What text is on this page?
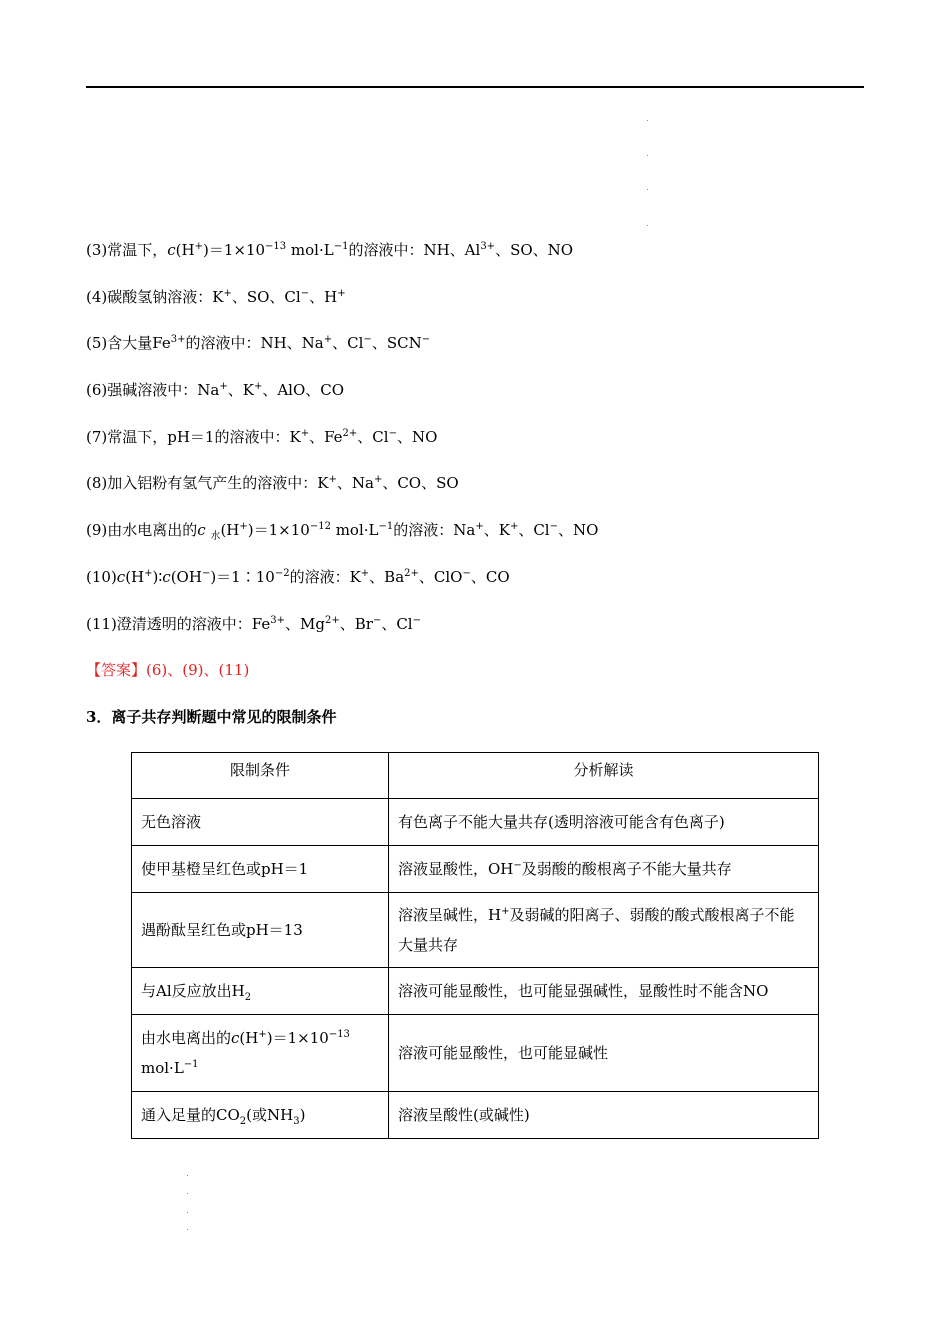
(3)常温下，$c(H^+)=1\times 10^{-13}$ $mol\cdot L^{-1}$的溶液中：NH、$Al^{3+}$、SO、NO
(4)碳酸氢钠溶液：K+、SO、Cl−、H+
(5)含大量$Fe^{3+}$的溶液中：NH、Na+、Cl−、SCN−
(6)强碱溶液中：Na+、K+、AlO、CO
(7)常温下，pH＝1的溶液中：K+、$Fe^{2+}$、Cl−、NO
(8)加入铝粉有氢气产生的溶液中：K+、Na+、CO、SO
(9)由水电离出的c $_水(H^+)=1\times 10^{-12}$ $mol\cdot L^{-1}$的溶液：Na+、K+、Cl−、NO
$(10)c(H^+)∶c(OH^-)=1∶10^{-2}$的溶液：K+、$Ba^{2+}$、ClO−、CO
(11)澄清透明的溶液中：$Fe^{3+}$、$Mg^{2+}$、Br−、Cl−
【答案】(6)、(9)、(11)
3．离子共存判断题中常见的限制条件
限制条件	分析解读
无色溶液	有色离子不能大量共存(透明溶液可能含有色离子)
使甲基橙呈红色或pH＝1	溶液显酸性，OH−及弱酸的酸根离子不能大量共存
遇酚酞呈红色或pH＝13	溶液呈碱性，H+及弱碱的阳离子、弱酸的酸式酸根离子不能大量共存
与Al反应放出$H_2$	溶液可能显酸性，也可能显强碱性，显酸性时不能含NO
由水电离出的$c(H^+)=1\times 10^{-13}$ $mol\cdot L^{-1}$	溶液可能显酸性，也可能显碱性
通入足量的$CO_2$(或$NH_3$)	溶液呈酸性(或碱性)
